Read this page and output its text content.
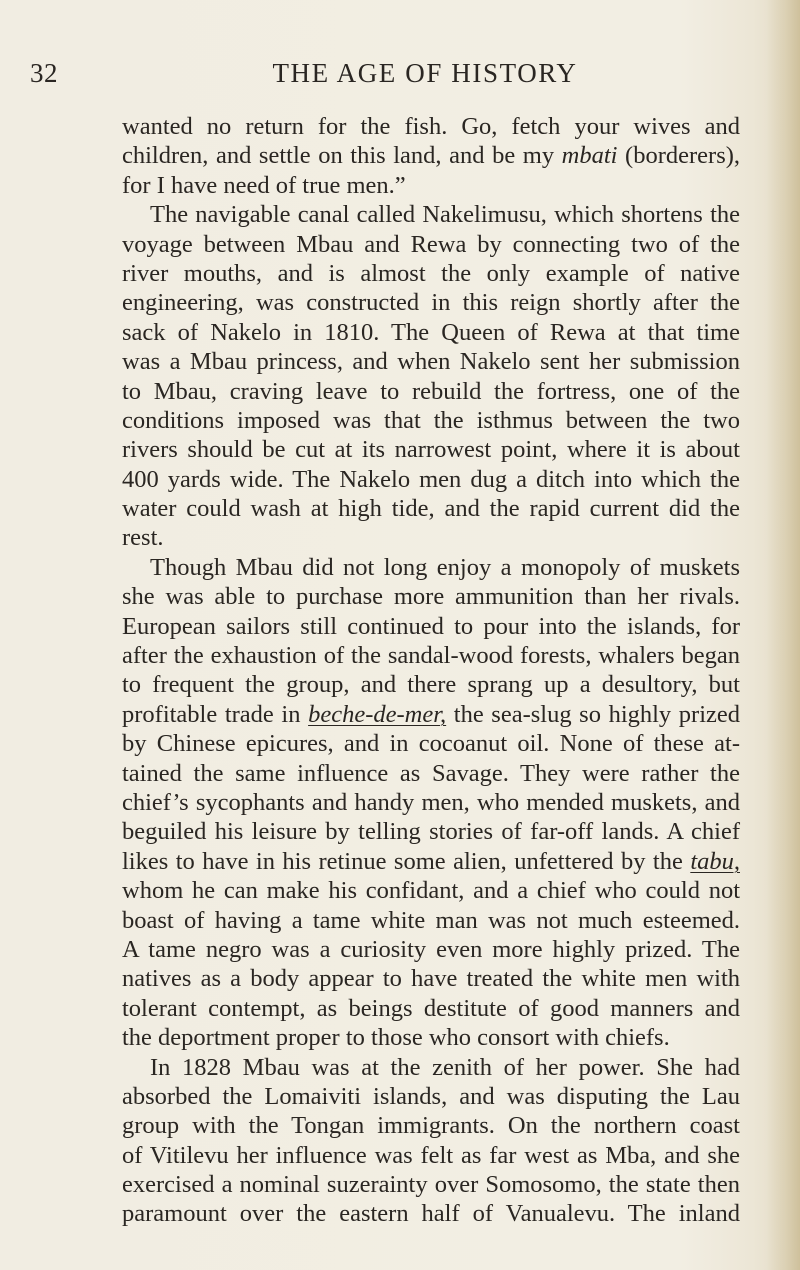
32	THE AGE OF HISTORY
wanted no return for the fish. Go, fetch your wives and
children, and settle on this land, and be my mbati (borderers),
for I have need of true men.”
The navigable canal called Nakelimusu, which shortens the
voyage between Mbau and Rewa by connecting two of the
river mouths, and is almost the only example of native
engineering, was constructed in this reign shortly after the
sack of Nakelo in 1810. The Queen of Rewa at that time
was a Mbau princess, and when Nakelo sent her submission
to Mbau, craving leave to rebuild the fortress, one of the
conditions imposed was that the isthmus between the two
rivers should be cut at its narrowest point, where it is about
400 yards wide. The Nakelo men dug a ditch into which the
water could wash at high tide, and the rapid current did the
rest.
Though Mbau did not long enjoy a monopoly of muskets
she was able to purchase more ammunition than her rivals.
European sailors still continued to pour into the islands, for
after the exhaustion of the sandal-wood forests, whalers began
to frequent the group, and there sprang up a desultory, but
profitable trade in beche-de-mer, the sea-slug so highly prized
by Chinese epicures, and in cocoanut oil. None of these at-
tained the same influence as Savage. They were rather the
chief’s sycophants and handy men, who mended muskets, and
beguiled his leisure by telling stories of far-off lands. A chief
likes to have in his retinue some alien, unfettered by the tabu,
whom he can make his confidant, and a chief who could not
boast of having a tame white man was not much esteemed.
A tame negro was a curiosity even more highly prized. The
natives as a body appear to have treated the white men with
tolerant contempt, as beings destitute of good manners and
the deportment proper to those who consort with chiefs.
In 1828 Mbau was at the zenith of her power. She had
absorbed the Lomaiviti islands, and was disputing the Lau
group with the Tongan immigrants. On the northern coast
of Vitilevu her influence was felt as far west as Mba, and she
exercised a nominal suzerainty over Somosomo, the state then
paramount over the eastern half of Vanualevu. The inland
